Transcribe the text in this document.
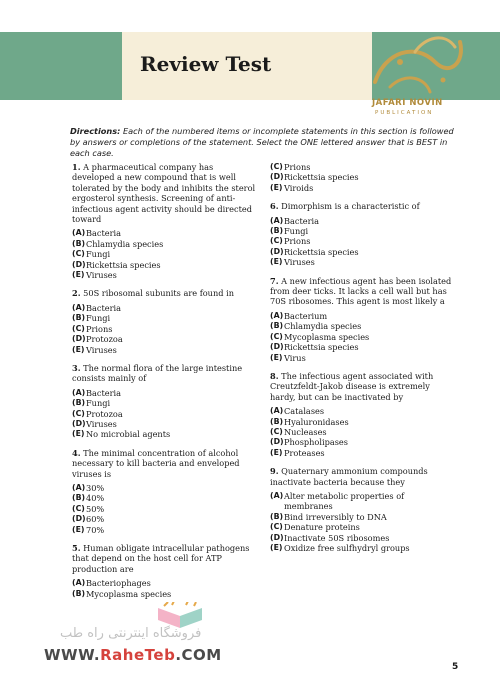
Review Test
JAFARI NOVIN
PUBLICATION
Directions: Each of the numbered items or incomplete statements in this section is followed by answers or completions of the statement. Select the ONE lettered answer that is BEST in each case.
1. A pharmaceutical company has developed a new compound that is well tolerated by the body and inhibits the sterol ergosterol synthesis. Screening of anti-infectious agent activity should be directed toward
(A) Bacteria
(B) Chlamydia species
(C) Fungi
(D) Rickettsia species
(E) Viruses
2. 50S ribosomal subunits are found in
(A) Bacteria
(B) Fungi
(C) Prions
(D) Protozoa
(E) Viruses
3. The normal flora of the large intestine consists mainly of
(A) Bacteria
(B) Fungi
(C) Protozoa
(D) Viruses
(E) No microbial agents
4. The minimal concentration of alcohol necessary to kill bacteria and enveloped viruses is
(A) 30%
(B) 40%
(C) 50%
(D) 60%
(E) 70%
5. Human obligate intracellular pathogens that depend on the host cell for ATP production are
(A) Bacteriophages
(B) Mycoplasma species
(C) Prions
(D) Rickettsia species
(E) Viroids
6. Dimorphism is a characteristic of
(A) Bacteria
(B) Fungi
(C) Prions
(D) Rickettsia species
(E) Viruses
7. A new infectious agent has been isolated from deer ticks. It lacks a cell wall but has 70S ribosomes. This agent is most likely a
(A) Bacterium
(B) Chlamydia species
(C) Mycoplasma species
(D) Rickettsia species
(E) Virus
8. The infectious agent associated with Creutzfeldt-Jakob disease is extremely hardy, but can be inactivated by
(A) Catalases
(B) Hyaluronidases
(C) Nucleases
(D) Phospholipases
(E) Proteases
9. Quaternary ammonium compounds inactivate bacteria because they
(A) Alter metabolic properties of membranes
(B) Bind irreversibly to DNA
(C) Denature proteins
(D) Inactivate 50S ribosomes
(E) Oxidize free sulfhydryl groups
فروشگاه اینترنتی راه طب
WWW.RaheTeb.COM
5
